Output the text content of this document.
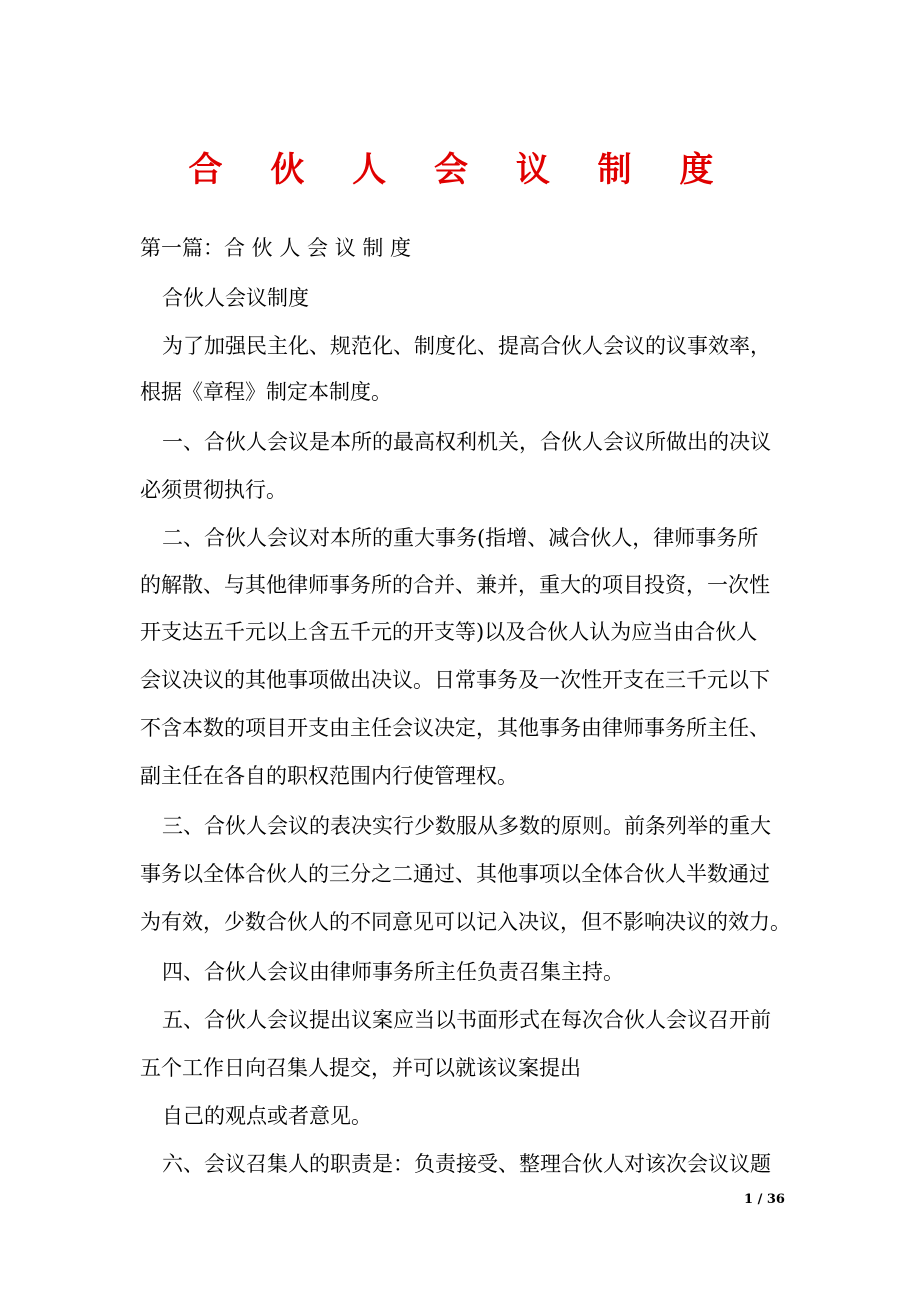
合 伙 人 会 议 制 度
第一篇：合 伙 人 会 议 制 度
合伙人会议制度
为了加强民主化、规范化、制度化、提高合伙人会议的议事效率，
根据《章程》制定本制度。
一、合伙人会议是本所的最高权利机关，合伙人会议所做出的决议
必须贯彻执行。
二、合伙人会议对本所的重大事务(指增、减合伙人，律师事务所
的解散、与其他律师事务所的合并、兼并，重大的项目投资，一次性
开支达五千元以上含五千元的开支等)以及合伙人认为应当由合伙人
会议决议的其他事项做出决议。日常事务及一次性开支在三千元以下
不含本数的项目开支由主任会议决定，其他事务由律师事务所主任、
副主任在各自的职权范围内行使管理权。
三、合伙人会议的表决实行少数服从多数的原则。前条列举的重大
事务以全体合伙人的三分之二通过、其他事项以全体合伙人半数通过
为有效，少数合伙人的不同意见可以记入决议，但不影响决议的效力。
四、合伙人会议由律师事务所主任负责召集主持。
五、合伙人会议提出议案应当以书面形式在每次合伙人会议召开前
五个工作日向召集人提交，并可以就该议案提出
自己的观点或者意见。
六、会议召集人的职责是：负责接受、整理合伙人对该次会议议题
1 / 36
